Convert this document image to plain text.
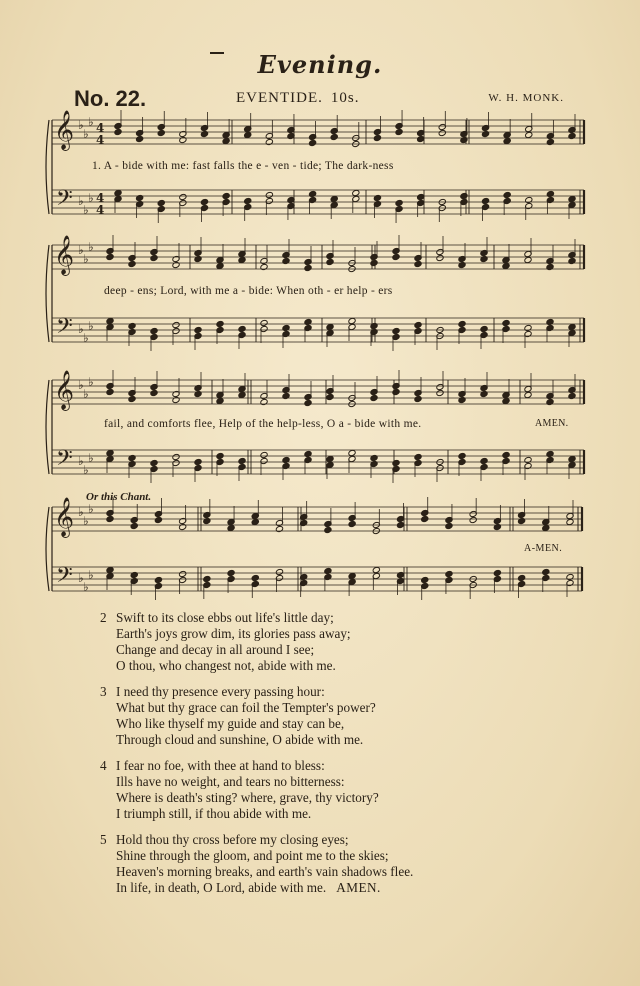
Evening.
No. 22.	EVENTIDE. 10s.	W. H. MONK.
𝄞
𝄢
♭
♭
♭
♭
♭
♭
4
4
4
4
𝄞
𝄢
♭
♭
♭
♭
♭
♭
𝄞
𝄢
♭
♭
♭
♭
♭
♭
𝄞
𝄢
♭
♭
♭
♭
♭
♭
1. A - bide with me: fast falls the e - ven - tide; The dark-ness
deep - ens; Lord, with me a - bide: When oth - er help - ers
fail, and comforts flee, Help of the help-less, O a - bide with me.	AMEN.
Or this Chant.
A-MEN.
2 Swift to its close ebbs out life's little day;
Earth's joys grow dim, its glories pass away;
Change and decay in all around I see;
O thou, who changest not, abide with me.
3 I need thy presence every passing hour:
What but thy grace can foil the Tempter's power?
Who like thyself my guide and stay can be,
Through cloud and sunshine, O abide with me.
4 I fear no foe, with thee at hand to bless:
Ills have no weight, and tears no bitterness:
Where is death's sting? where, grave, thy victory?
I triumph still, if thou abide with me.
5 Hold thou thy cross before my closing eyes;
Shine through the gloom, and point me to the skies;
Heaven's morning breaks, and earth's vain shadows flee.
In life, in death, O Lord, abide with me. AMEN.
